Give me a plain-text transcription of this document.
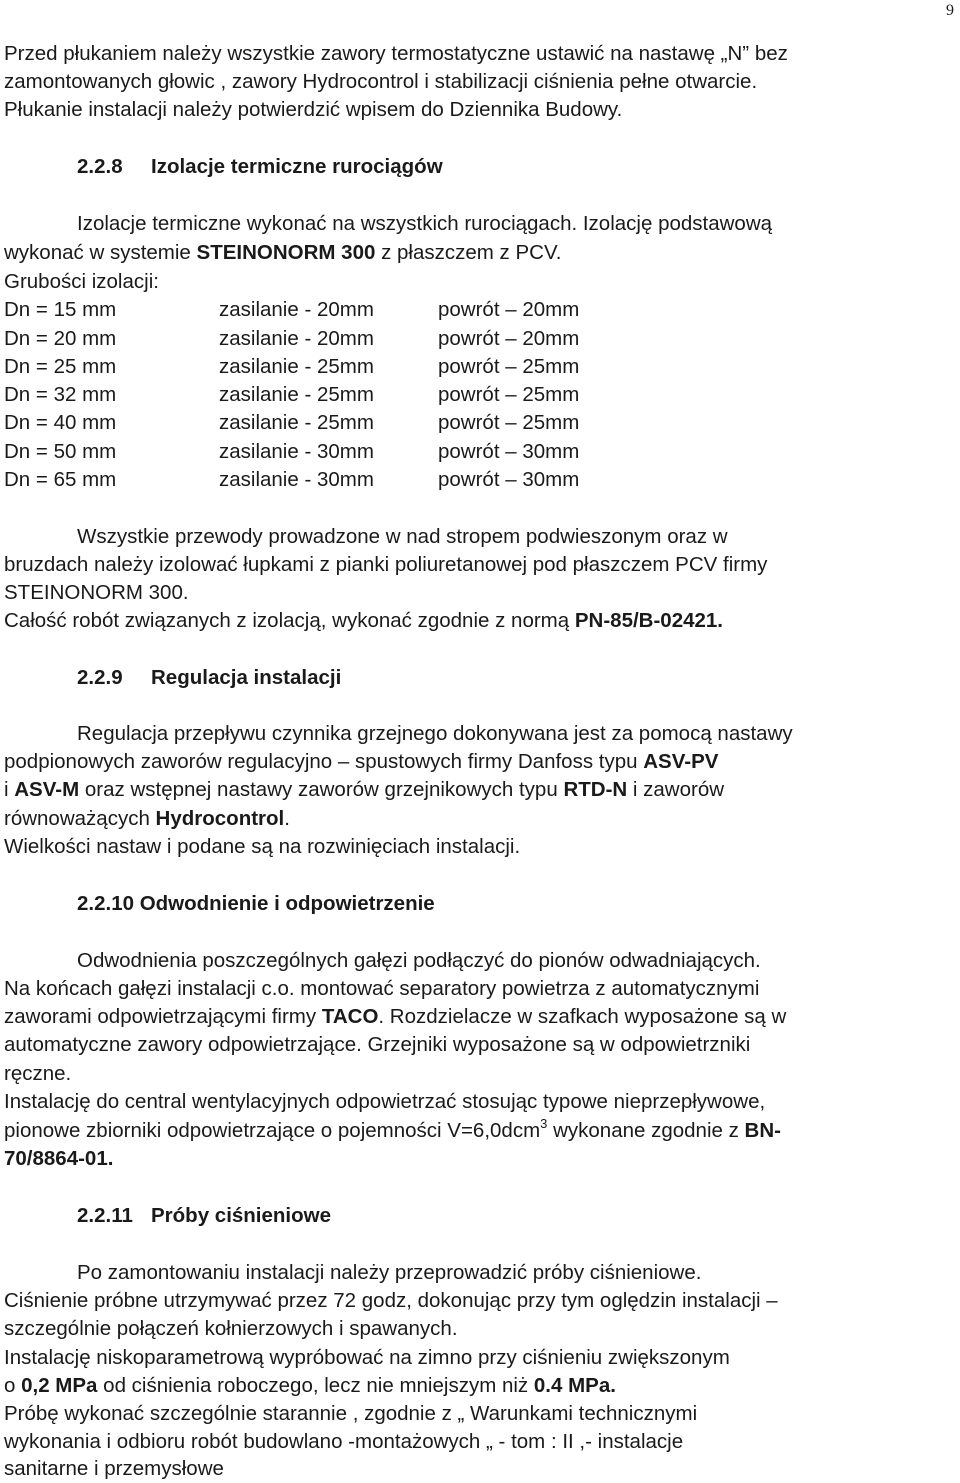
9
Przed płukaniem należy wszystkie zawory termostatyczne ustawić na nastawę „N” bez
zamontowanych głowic , zawory Hydrocontrol i stabilizacji ciśnienia pełne otwarcie.
Płukanie instalacji należy potwierdzić wpisem do Dziennika Budowy.
2.2.8 Izolacje termiczne rurociągów
Izolacje termiczne wykonać na wszystkich rurociągach. Izolację podstawową
wykonać w systemie STEINONORM 300 z płaszczem z PCV.
Grubości izolacji:
Dn = 15 mm	zasilanie - 20mm	powrót – 20mm
Dn = 20 mm	zasilanie - 20mm	powrót – 20mm
Dn = 25 mm	zasilanie - 25mm	powrót – 25mm
Dn = 32 mm	zasilanie - 25mm	powrót – 25mm
Dn = 40 mm	zasilanie - 25mm	powrót – 25mm
Dn = 50 mm	zasilanie - 30mm	powrót – 30mm
Dn = 65 mm	zasilanie - 30mm	powrót – 30mm
Wszystkie przewody prowadzone w nad stropem podwieszonym oraz w
bruzdach należy izolować łupkami z pianki poliuretanowej pod płaszczem PCV firmy
STEINONORM 300.
Całość robót związanych z izolacją, wykonać zgodnie z normą PN-85/B-02421.
2.2.9 Regulacja instalacji
Regulacja przepływu czynnika grzejnego dokonywana jest za pomocą nastawy
podpionowych zaworów regulacyjno – spustowych firmy Danfoss typu ASV-PV
i ASV-M oraz wstępnej nastawy zaworów grzejnikowych typu RTD-N i zaworów
równoważących Hydrocontrol.
Wielkości nastaw i podane są na rozwinięciach instalacji.
2.2.10 Odwodnienie i odpowietrzenie
Odwodnienia poszczególnych gałęzi podłączyć do pionów odwadniających.
Na końcach gałęzi instalacji c.o. montować separatory powietrza z automatycznymi
zaworami odpowietrzającymi firmy TACO. Rozdzielacze w szafkach wyposażone są w
automatyczne zawory odpowietrzające. Grzejniki wyposażone są w odpowietrzniki
ręczne.
Instalację do central wentylacyjnych odpowietrzać stosując typowe nieprzepływowe,
pionowe zbiorniki odpowietrzające o pojemności V=6,0dcm$^3$ wykonane zgodnie z BN-
70/8864-01.
2.2.11 Próby ciśnieniowe
Po zamontowaniu instalacji należy przeprowadzić próby ciśnieniowe.
Ciśnienie próbne utrzymywać przez 72 godz, dokonując przy tym oględzin instalacji –
szczególnie połączeń kołnierzowych i spawanych.
Instalację niskoparametrową wypróbować na zimno przy ciśnieniu zwiększonym
o 0,2 MPa od ciśnienia roboczego, lecz nie mniejszym niż 0.4 MPa.
Próbę wykonać szczególnie starannie , zgodnie z „ Warunkami technicznymi
wykonania i odbioru robót budowlano -montażowych „ - tom : II ,- instalacje
sanitarne i przemysłowe
